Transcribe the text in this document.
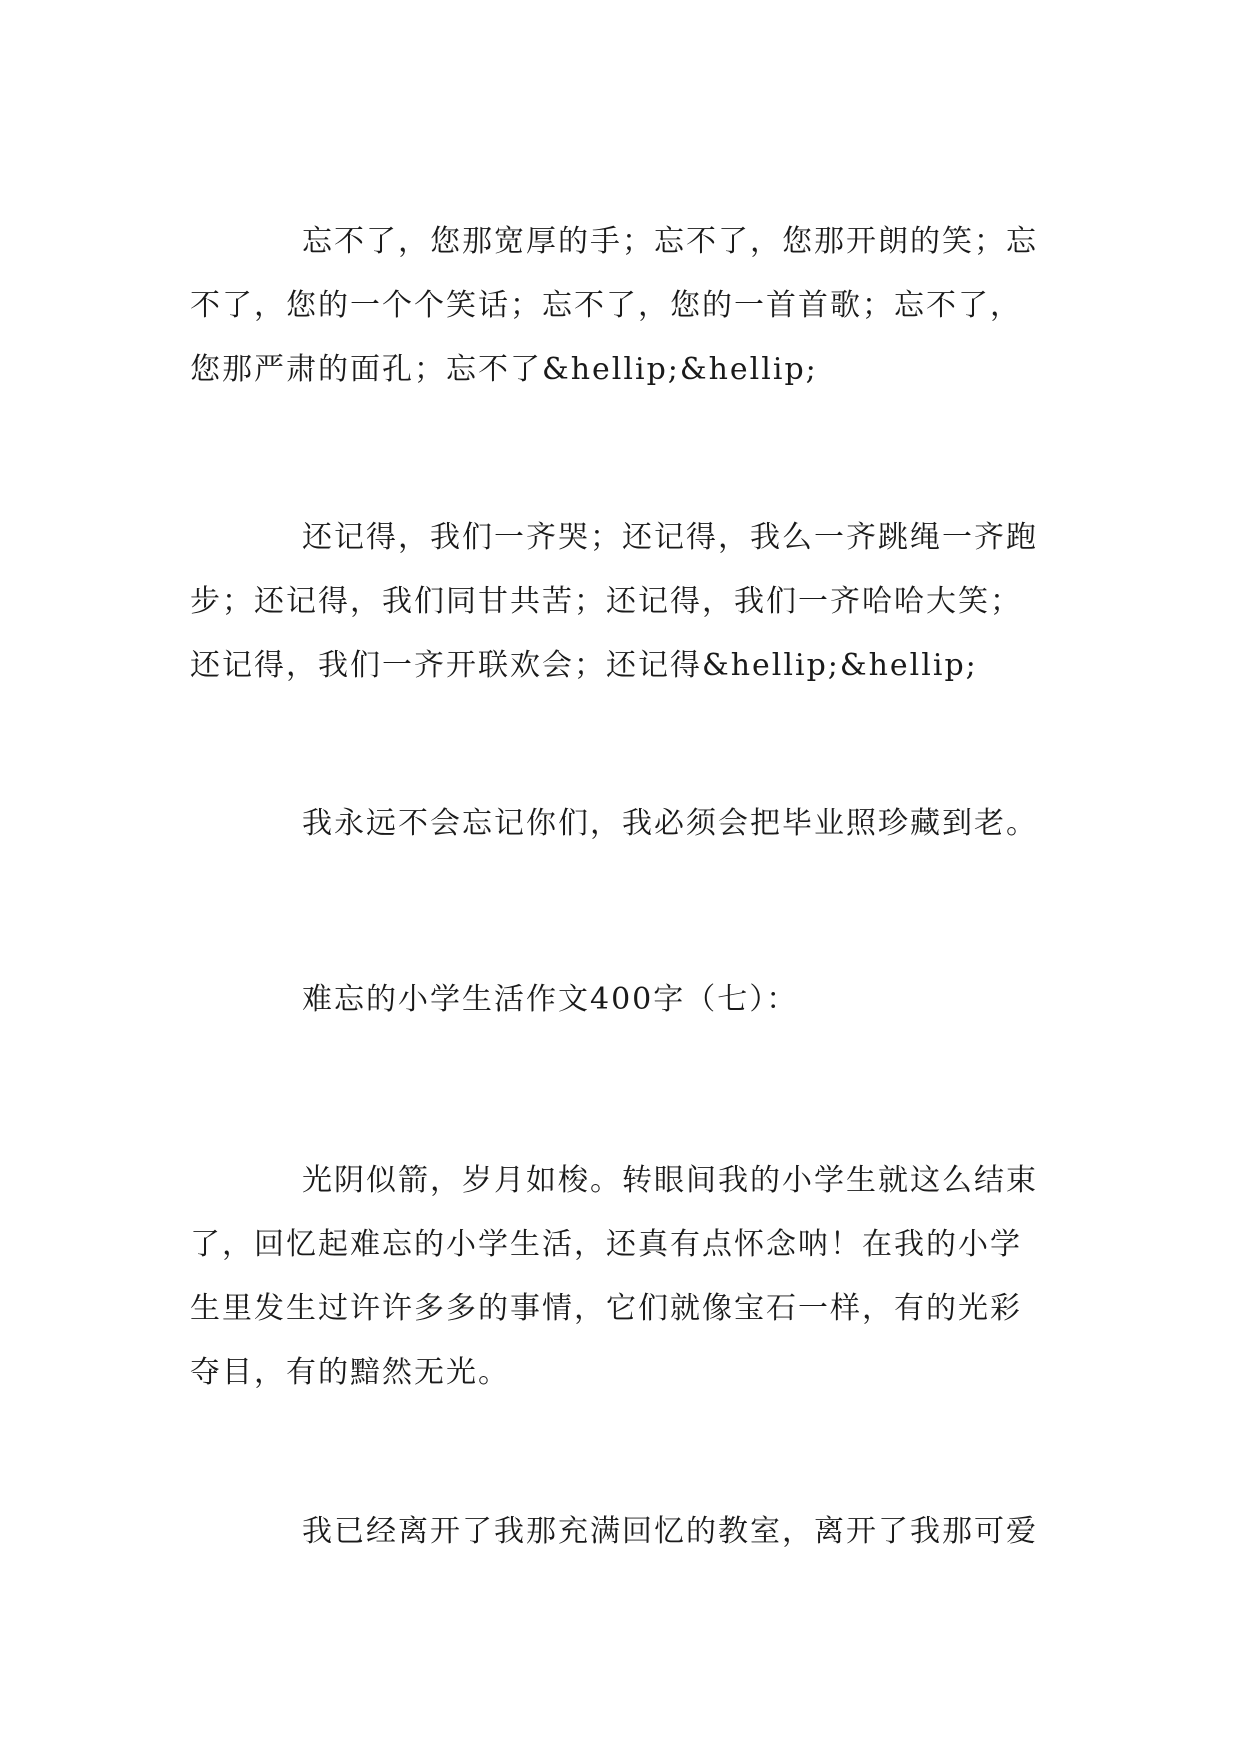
忘不了，您那宽厚的手；忘不了，您那开朗的笑；忘
不了，您的一个个笑话；忘不了，您的一首首歌；忘不了，
您那严肃的面孔；忘不了&hellip;&hellip;

还记得，我们一齐哭；还记得，我么一齐跳绳一齐跑
步；还记得，我们同甘共苦；还记得，我们一齐哈哈大笑；
还记得，我们一齐开联欢会；还记得&hellip;&hellip;

我永远不会忘记你们，我必须会把毕业照珍藏到老。

难忘的小学生活作文400字（七）：

光阴似箭，岁月如梭。转眼间我的小学生就这么结束
了，回忆起难忘的小学生活，还真有点怀念呐！在我的小学
生里发生过许许多多的事情，它们就像宝石一样，有的光彩
夺目，有的黯然无光。

我已经离开了我那充满回忆的教室，离开了我那可爱
